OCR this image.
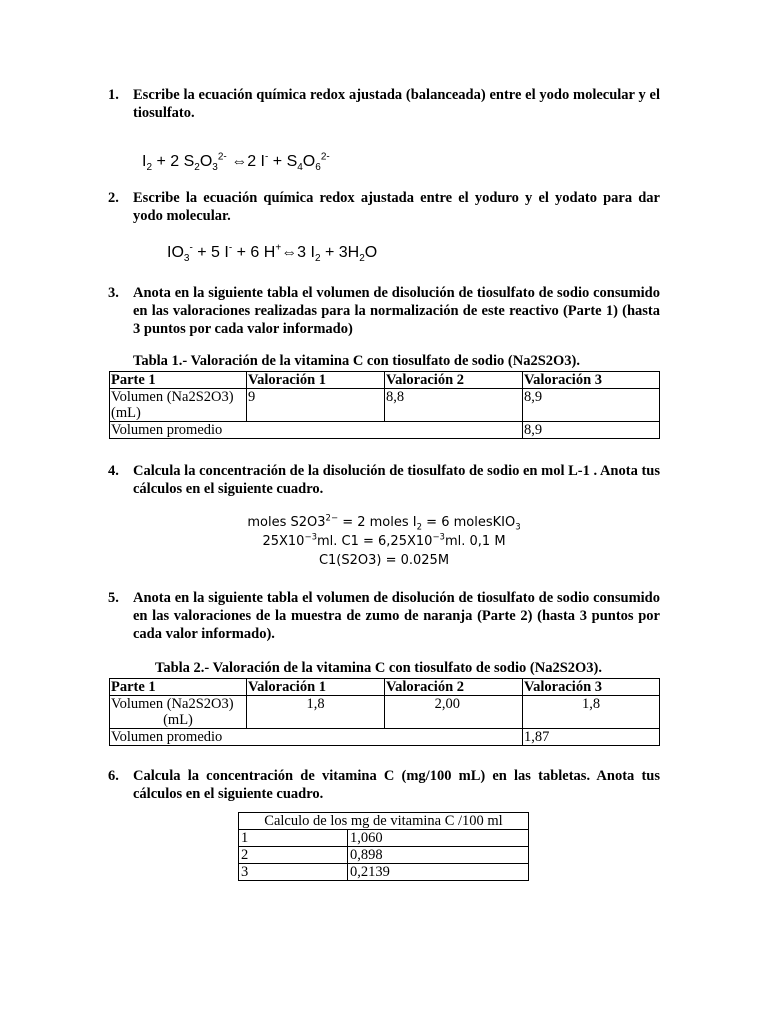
1. Escribe la ecuación química redox ajustada (balanceada) entre el yodo molecular y el tiosulfato.
$I_2 + 2$ $S_2O_3^{2-}$ ⇔2 $I^- + S_4O_6^{2-}$
2. Escribe la ecuación química redox ajustada entre el yoduro y el yodato para dar yodo molecular.
$IO_3^- + 5$ I- + 6 H+⇔3 $I_2 + 3H_2O$
3. Anota en la siguiente tabla el volumen de disolución de tiosulfato de sodio consumido en las valoraciones realizadas para la normalización de este reactivo (Parte 1) (hasta 3 puntos por cada valor informado)
Tabla 1.- Valoración de la vitamina C con tiosulfato de sodio (Na2S2O3).
Parte 1	Valoración 1	Valoración 2	Valoración 3
Volumen (Na2S2O3) (mL)	9	8,8	8,9
Volumen promedio			8,9
4. Calcula la concentración de la disolución de tiosulfato de sodio en mol L-1 . Anota tus cálculos en el siguiente cuadro.
moles $S2O3^{2-} = 2$ moles $I_2 = 6$ molesKIO$_3$
$25X10^{-3}ml$. $C1 = 6,25X10^{-3}ml$. 0,1 M
C1(S2O3) = 0.025M
5. Anota en la siguiente tabla el volumen de disolución de tiosulfato de sodio consumido en las valoraciones de la muestra de zumo de naranja (Parte 2) (hasta 3 puntos por cada valor informado).
Tabla 2.- Valoración de la vitamina C con tiosulfato de sodio (Na2S2O3).
Parte 1	Valoración 1	Valoración 2	Valoración 3

Volumen (Na2S2O3)
(mL)	1,8	2,00	1,8
Volumen promedio			1,87
6. Calcula la concentración de vitamina C (mg/100 mL) en las tabletas. Anota tus cálculos en el siguiente cuadro.
Calculo de los mg de vitamina C /100 ml	
1	1,060
2	0,898
3	0,2139
